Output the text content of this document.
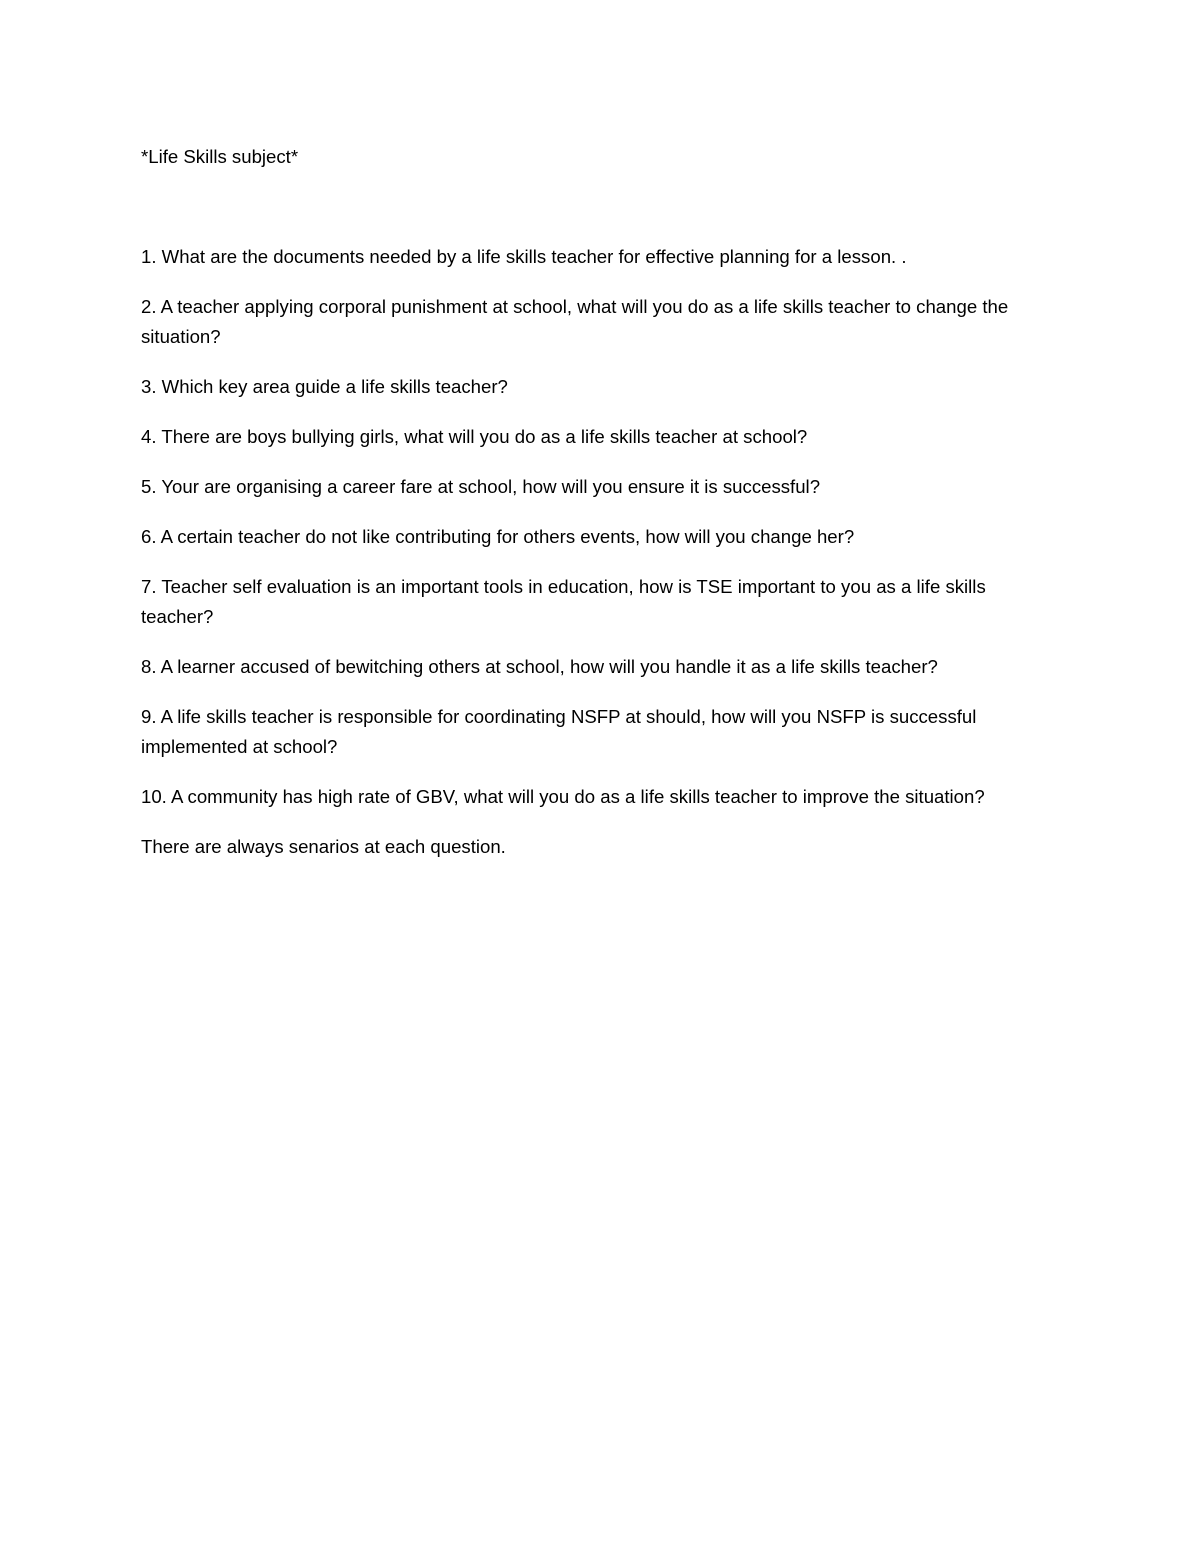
*Life Skills subject*

1. What are the documents needed by a life skills teacher for effective planning for a lesson. .
2. A teacher applying corporal punishment at school, what will you do as a life skills teacher to change the situation?
3. Which key area guide a life skills teacher?
4. There are boys bullying girls, what will you do as a life skills teacher at school?
5. Your are organising a career fare at school, how will you ensure it is successful?
6. A certain teacher do not like contributing for others events, how will you change her?
7. Teacher self evaluation is an important tools in education, how is TSE important to you as a life skills teacher?
8. A learner accused of bewitching others at school, how will you handle it as a life skills teacher?
9. A life skills teacher is responsible for coordinating NSFP at should, how will you NSFP is successful implemented at school?
10. A community has high rate of GBV, what will you do as a life skills teacher to improve the situation?

There are always senarios at each question.
